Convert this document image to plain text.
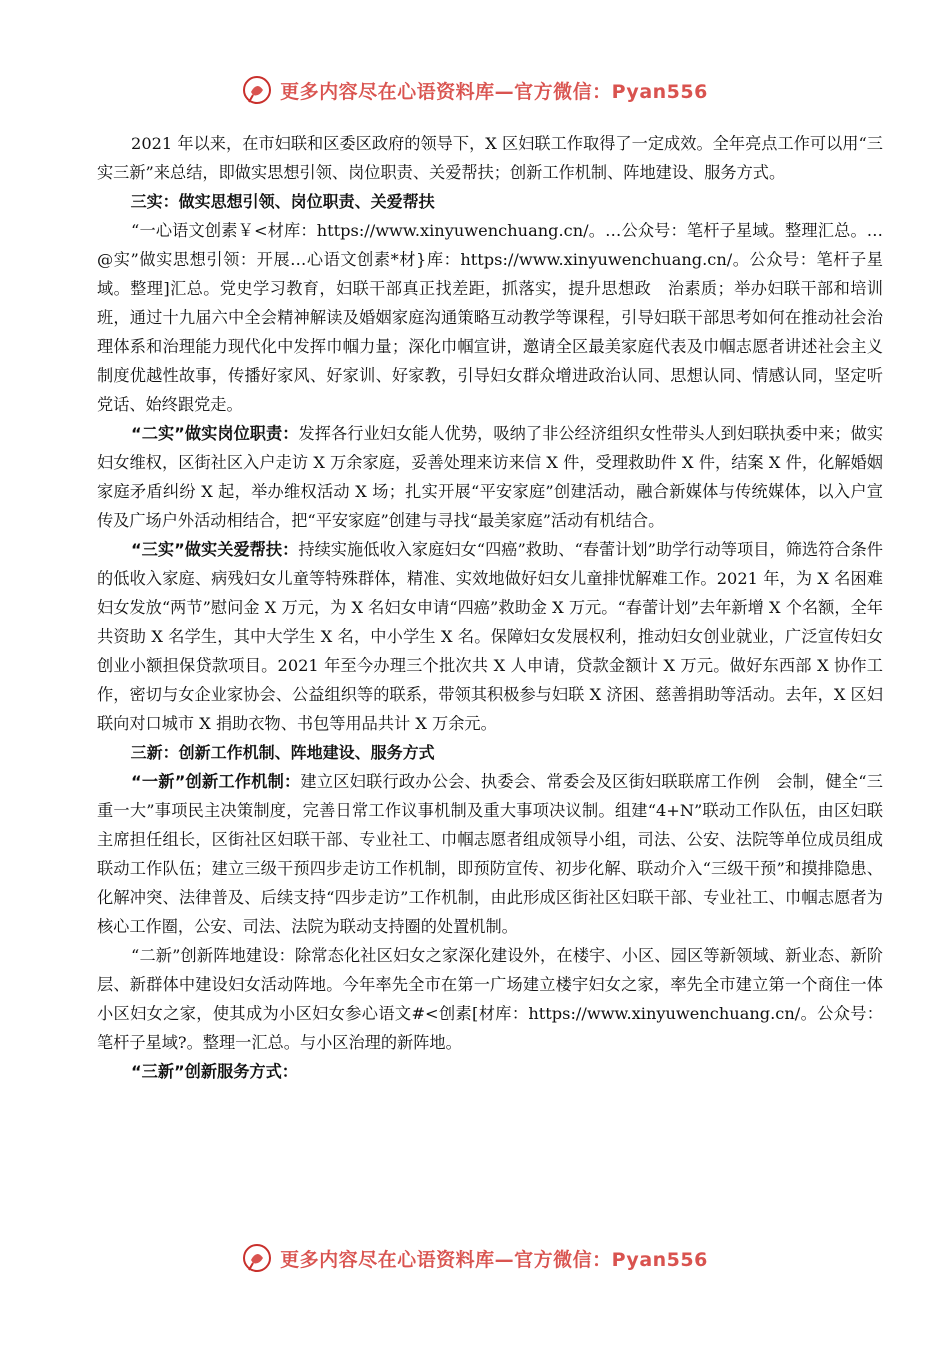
更多内容尽在心语资料库—官方微信：Pyan556

2021 年以来，在市妇联和区委区政府的领导下，X 区妇联工作取得了一定成效。全年亮点工作可以用“三实三新”来总结，即做实思想引领、岗位职责、关爱帮扶；创新工作机制、阵地建设、服务方式。

三实：做实思想引领、岗位职责、关爱帮扶

“一心语文创素￥<材库：https://www.xinyuwenchuang.cn/。…公众号：笔杆子星域。整理汇总。…@实”做实思想引领：开展…心语文创素*材}库：https://www.xinyuwenchuang.cn/。公众号：笔杆子星域。整理]汇总。党史学习教育，妇联干部真正找差距，抓落实，提升思想政　治素质；举办妇联干部和培训班，通过十九届六中全会精神解读及婚姻家庭沟通策略互动教学等课程，引导妇联干部思考如何在推动社会治理体系和治理能力现代化中发挥巾帼力量；深化巾帼宣讲，邀请全区最美家庭代表及巾帼志愿者讲述社会主义制度优越性故事，传播好家风、好家训、好家教，引导妇女群众增进政治认同、思想认同、情感认同，坚定听党话、始终跟党走。

“二实”做实岗位职责：发挥各行业妇女能人优势，吸纳了非公经济组织女性带头人到妇联执委中来；做实妇女维权，区街社区入户走访 X 万余家庭，妥善处理来访来信 X 件，受理救助件 X 件，结案 X 件，化解婚姻家庭矛盾纠纷 X 起，举办维权活动 X 场；扎实开展“平安家庭”创建活动，融合新媒体与传统媒体，以入户宣传及广场户外活动相结合，把“平安家庭”创建与寻找“最美家庭”活动有机结合。

“三实”做实关爱帮扶：持续实施低收入家庭妇女“四癌”救助、“春蕾计划”助学行动等项目，筛选符合条件的低收入家庭、病残妇女儿童等特殊群体，精准、实效地做好妇女儿童排忧解难工作。2021 年，为 X 名困难妇女发放“两节”慰问金 X 万元，为 X 名妇女申请“四癌”救助金 X 万元。“春蕾计划”去年新增 X 个名额，全年共资助 X 名学生，其中大学生 X 名，中小学生 X 名。保障妇女发展权利，推动妇女创业就业，广泛宣传妇女创业小额担保贷款项目。2021 年至今办理三个批次共 X 人申请，贷款金额计 X 万元。做好东西部 X 协作工作，密切与女企业家协会、公益组织等的联系，带领其积极参与妇联 X 济困、慈善捐助等活动。去年，X 区妇联向对口城市 X 捐助衣物、书包等用品共计 X 万余元。

三新：创新工作机制、阵地建设、服务方式

“一新”创新工作机制：建立区妇联行政办公会、执委会、常委会及区街妇联联席工作例　会制，健全“三重一大”事项民主决策制度，完善日常工作议事机制及重大事项决议制。组建“4+N”联动工作队伍，由区妇联主席担任组长，区街社区妇联干部、专业社工、巾帼志愿者组成领导小组，司法、公安、法院等单位成员组成联动工作队伍；建立三级干预四步走访工作机制，即预防宣传、初步化解、联动介入“三级干预”和摸排隐患、化解冲突、法律普及、后续支持“四步走访”工作机制，由此形成区街社区妇联干部、专业社工、巾帼志愿者为核心工作圈，公安、司法、法院为联动支持圈的处置机制。

“二新”创新阵地建设：除常态化社区妇女之家深化建设外，在楼宇、小区、园区等新领域、新业态、新阶层、新群体中建设妇女活动阵地。今年率先全市在第一广场建立楼宇妇女之家，率先全市建立第一个商住一体小区妇女之家，使其成为小区妇女参心语文#<创素[材库：https://www.xinyuwenchuang.cn/。公众号：笔杆子星域?。整理一汇总。与小区治理的新阵地。

“三新”创新服务方式：

更多内容尽在心语资料库—官方微信：Pyan556
